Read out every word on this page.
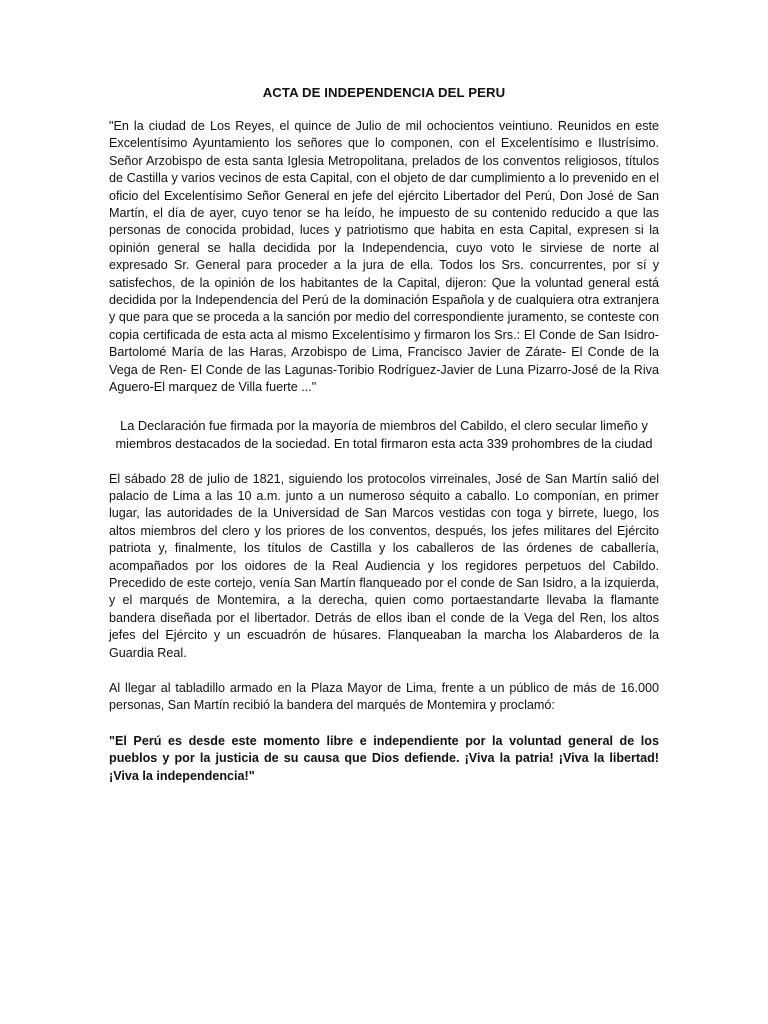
ACTA DE INDEPENDENCIA DEL PERU

"En la ciudad de Los Reyes, el quince de Julio de mil ochocientos veintiuno. Reunidos en este Excelentísimo Ayuntamiento los señores que lo componen, con el Excelentísimo e Ilustrísimo. Señor Arzobispo de esta santa Iglesia Metropolitana, prelados de los conventos religiosos, títulos de Castilla y varios vecinos de esta Capital, con el objeto de dar cumplimiento a lo prevenido en el oficio del Excelentísimo Señor General en jefe del ejército Libertador del Perú, Don José de San Martín, el día de ayer, cuyo tenor se ha leído, he impuesto de su contenido reducido a que las personas de conocida probidad, luces y patriotismo que habita en esta Capital, expresen si la opinión general se halla decidida por la Independencia, cuyo voto le sirviese de norte al expresado Sr. General para proceder a la jura de ella. Todos los Srs. concurrentes, por sí y satisfechos, de la opinión de los habitantes de la Capital, dijeron: Que la voluntad general está decidida por la Independencia del Perú de la dominación Española y de cualquiera otra extranjera y que para que se proceda a la sanción por medio del correspondiente juramento, se conteste con copia certificada de esta acta al mismo Excelentísimo y firmaron los Srs.: El Conde de San Isidro- Bartolomé María de las Haras, Arzobispo de Lima, Francisco Javier de Zárate- El Conde de la Vega de Ren- El Conde de las Lagunas-Toribio Rodríguez-Javier de Luna Pizarro-José de la Riva Aguero-El marquez de Villa fuerte ..."

La Declaración fue firmada por la mayoría de miembros del Cabildo, el clero secular limeño y miembros destacados de la sociedad. En total firmaron esta acta 339 prohombres de la ciudad

El sábado 28 de julio de 1821, siguiendo los protocolos virreinales, José de San Martín salió del palacio de Lima a las 10 a.m. junto a un numeroso séquito a caballo. Lo componían, en primer lugar, las autoridades de la Universidad de San Marcos vestidas con toga y birrete, luego, los altos miembros del clero y los priores de los conventos, después, los jefes militares del Ejército patriota y, finalmente, los títulos de Castilla y los caballeros de las órdenes de caballería, acompañados por los oidores de la Real Audiencia y los regidores perpetuos del Cabildo. Precedido de este cortejo, venía San Martín flanqueado por el conde de San Isidro, a la izquierda, y el marqués de Montemira, a la derecha, quien como portaestandarte llevaba la flamante bandera diseñada por el libertador. Detrás de ellos iban el conde de la Vega del Ren, los altos jefes del Ejército y un escuadrón de húsares. Flanqueaban la marcha los Alabarderos de la Guardia Real.

Al llegar al tabladillo armado en la Plaza Mayor de Lima, frente a un público de más de 16.000 personas, San Martín recibió la bandera del marqués de Montemira y proclamó:

"El Perú es desde este momento libre e independiente por la voluntad general de los pueblos y por la justicia de su causa que Dios defiende. ¡Viva la patria! ¡Viva la libertad! ¡Viva la independencia!"
